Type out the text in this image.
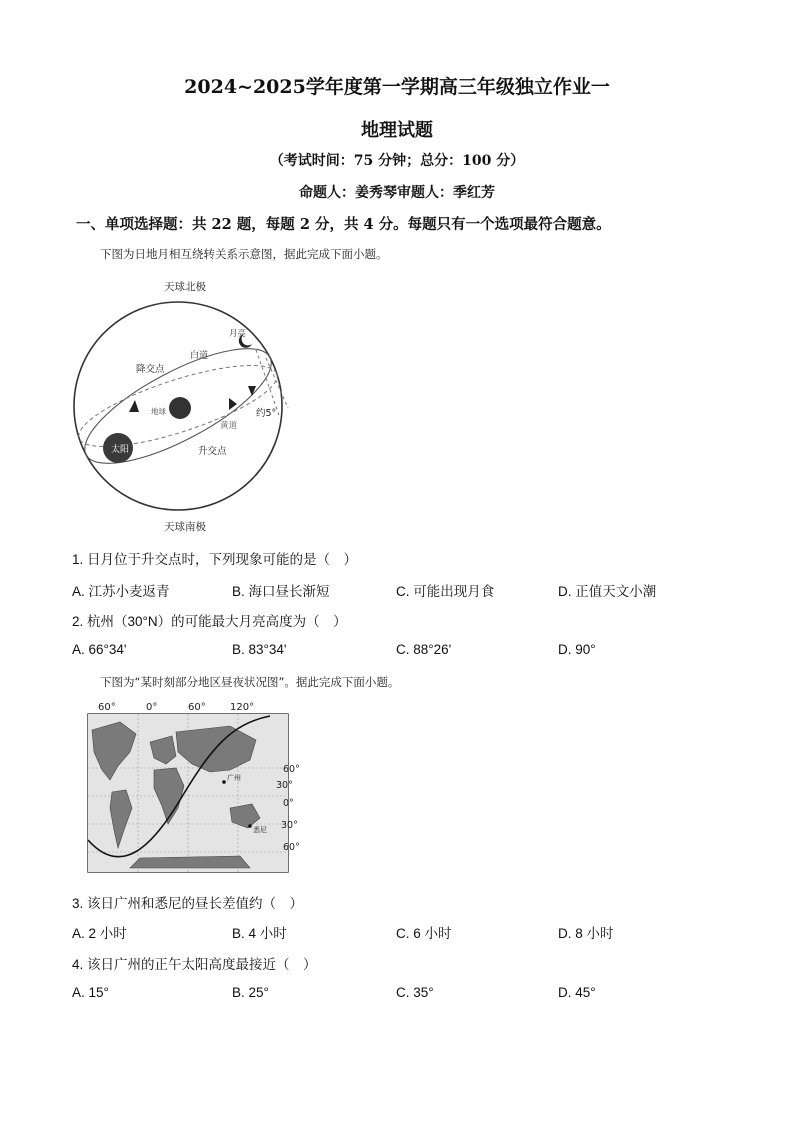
2024~2025学年度第一学期高三年级独立作业一
地理试题
（考试时间：75 分钟；总分：100 分）
命题人：姜秀琴审题人：季红芳
一、单项选择题：共 22 题，每题 2 分，共 4 分。每题只有一个选项最符合题意。
下图为日地月相互绕转关系示意图，据此完成下面小题。
天球北极
天球南极
月亮
白道
降交点
地球	约5°
黄道
升交点
太阳
1. 日月位于升交点时，下列现象可能的是（　）
A. 江苏小麦返青	B. 海口昼长渐短	C. 可能出现月食	D. 正值天文小潮
2. 杭州（30°N）的可能最大月亮高度为（　）
A. 66°34'	B. 83°34'	C. 88°26'	D. 90°
下图为“某时刻部分地区昼夜状况图”。据此完成下面小题。
60°	0°	60° 120°
60°
30°
0°
30°
60°
广州
悉尼
3. 该日广州和悉尼的昼长差值约（　）
A. 2 小时	B. 4 小时	C. 6 小时	D. 8 小时
4. 该日广州的正午太阳高度最接近（　）
A. 15°	B. 25°	C. 35°	D. 45°
